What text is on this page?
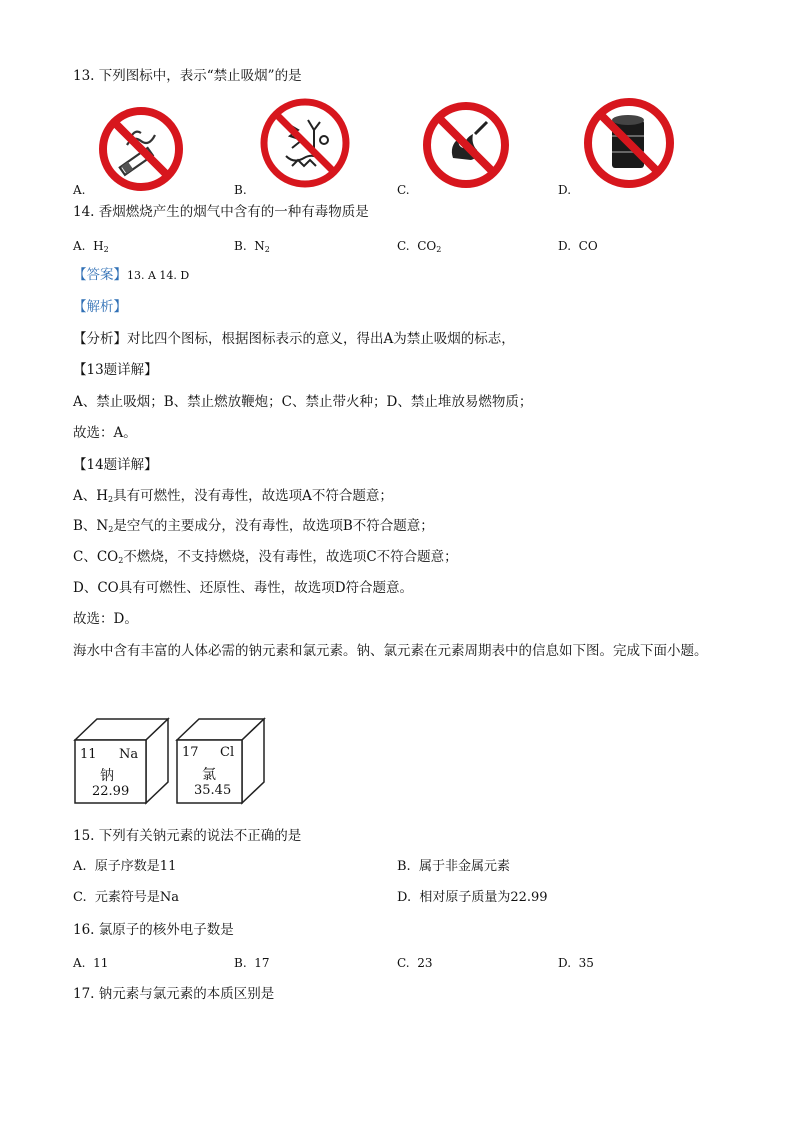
13. 下列图标中，表示“禁止吸烟”的是
A.	B.	C.	D.
14. 香烟燃烧产生的烟气中含有的一种有毒物质是
A. $H_2$	B. $N_2$	C. $CO_2$	D. CO
【答案】13. A 14. D
【解析】
【分析】对比四个图标，根据图标表示的意义，得出A为禁止吸烟的标志，
【13题详解】
A、禁止吸烟；B、禁止燃放鞭炮；C、禁止带火种；D、禁止堆放易燃物质；
故选：A。
【14题详解】
A、$H_2$具有可燃性，没有毒性，故选项A不符合题意；
B、$N_2$是空气的主要成分，没有毒性，故选项B不符合题意；
C、$CO_2$不燃烧，不支持燃烧，没有毒性，故选项C不符合题意；
D、CO具有可燃性、还原性、毒性，故选项D符合题意。
故选：D。
海水中含有丰富的人体必需的钠元素和氯元素。钠、氯元素在元素周期表中的信息如下图。完成下面小题。
11 Na
钠
22.99
17 Cl
氯
35.45
15. 下列有关钠元素的说法不正确的是
A. 原子序数是11	B. 属于非金属元素
C. 元素符号是Na	D. 相对原子质量为22.99
16. 氯原子的核外电子数是
A. 11	B. 17	C. 23	D. 35
17. 钠元素与氯元素的本质区别是
